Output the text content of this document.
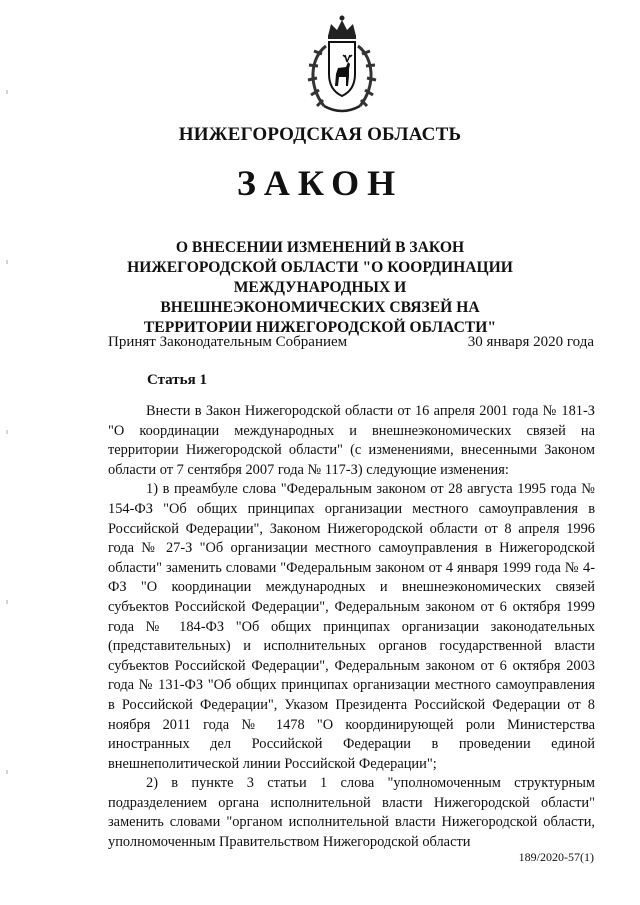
НИЖЕГОРОДСКАЯ ОБЛАСТЬ
ЗАКОН
О ВНЕСЕНИИ ИЗМЕНЕНИЙ В ЗАКОН НИЖЕГОРОДСКОЙ ОБЛАСТИ "О КООРДИНАЦИИ МЕЖДУНАРОДНЫХ И ВНЕШНЕЭКОНОМИЧЕСКИХ СВЯЗЕЙ НА ТЕРРИТОРИИ НИЖЕГОРОДСКОЙ ОБЛАСТИ"
Принят Законодательным Собранием	30 января 2020 года
Статья 1

Внести в Закон Нижегородской области от 16 апреля 2001 года № 181-З "О координации международных и внешнеэкономических связей на территории Нижегородской области" (с изменениями, внесенными Законом области от 7 сентября 2007 года № 117-З) следующие изменения:

1) в преамбуле слова "Федеральным законом от 28 августа 1995 года № 154-ФЗ "Об общих принципах организации местного самоуправления в Российской Федерации", Законом Нижегородской области от 8 апреля 1996 года № 27-З "Об организации местного самоуправления в Нижегородской области" заменить словами "Федеральным законом от 4 января 1999 года № 4-ФЗ "О координации международных и внешнеэкономических связей субъектов Российской Федерации", Федеральным законом от 6 октября 1999 года № 184-ФЗ "Об общих принципах организации законодательных (представительных) и исполнительных органов государственной власти субъектов Российской Федерации", Федеральным законом от 6 октября 2003 года № 131-ФЗ "Об общих принципах организации местного самоуправления в Российской Федерации", Указом Президента Российской Федерации от 8 ноября 2011 года № 1478 "О координирующей роли Министерства иностранных дел Российской Федерации в проведении единой внешнеполитической линии Российской Федерации";

2) в пункте 3 статьи 1 слова "уполномоченным структурным подразделением органа исполнительной власти Нижегородской области" заменить словами "органом исполнительной власти Нижегородской области, уполномоченным Правительством Нижегородской области

189/2020-57(1)
